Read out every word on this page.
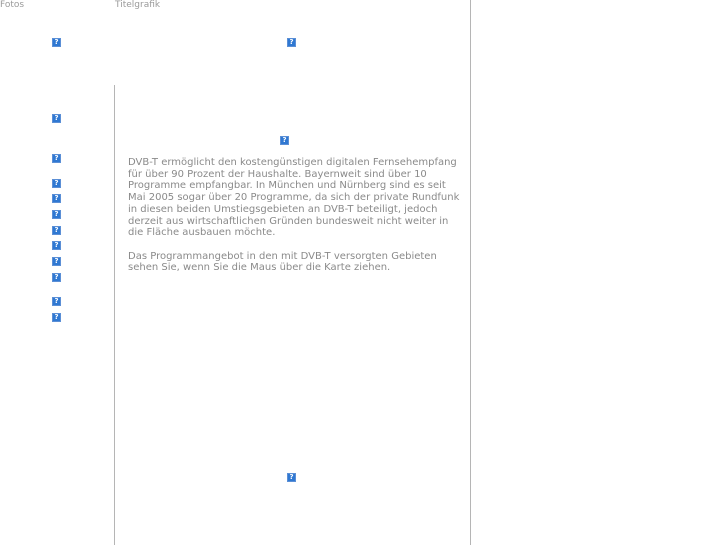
Fotos	Titelgrafik
?
?
?
?
?
?
?
?
?
?
?
?
?
?

DVB-T ermöglicht den kostengünstigen digitalen Fernsehempfang für über 90 Prozent der Haushalte. Bayernweit sind über 10 Programme empfangbar. In München und Nürnberg sind es seit Mai 2005 sogar über 20 Programme, da sich der private Rundfunk in diesen beiden Umstiegsgebieten an DVB-T beteiligt, jedoch derzeit aus wirtschaftlichen Gründen bundesweit nicht weiter in die Fläche ausbauen möchte.

Das Programmangebot in den mit DVB-T versorgten Gebieten sehen Sie, wenn Sie die Maus über die Karte ziehen.

?
